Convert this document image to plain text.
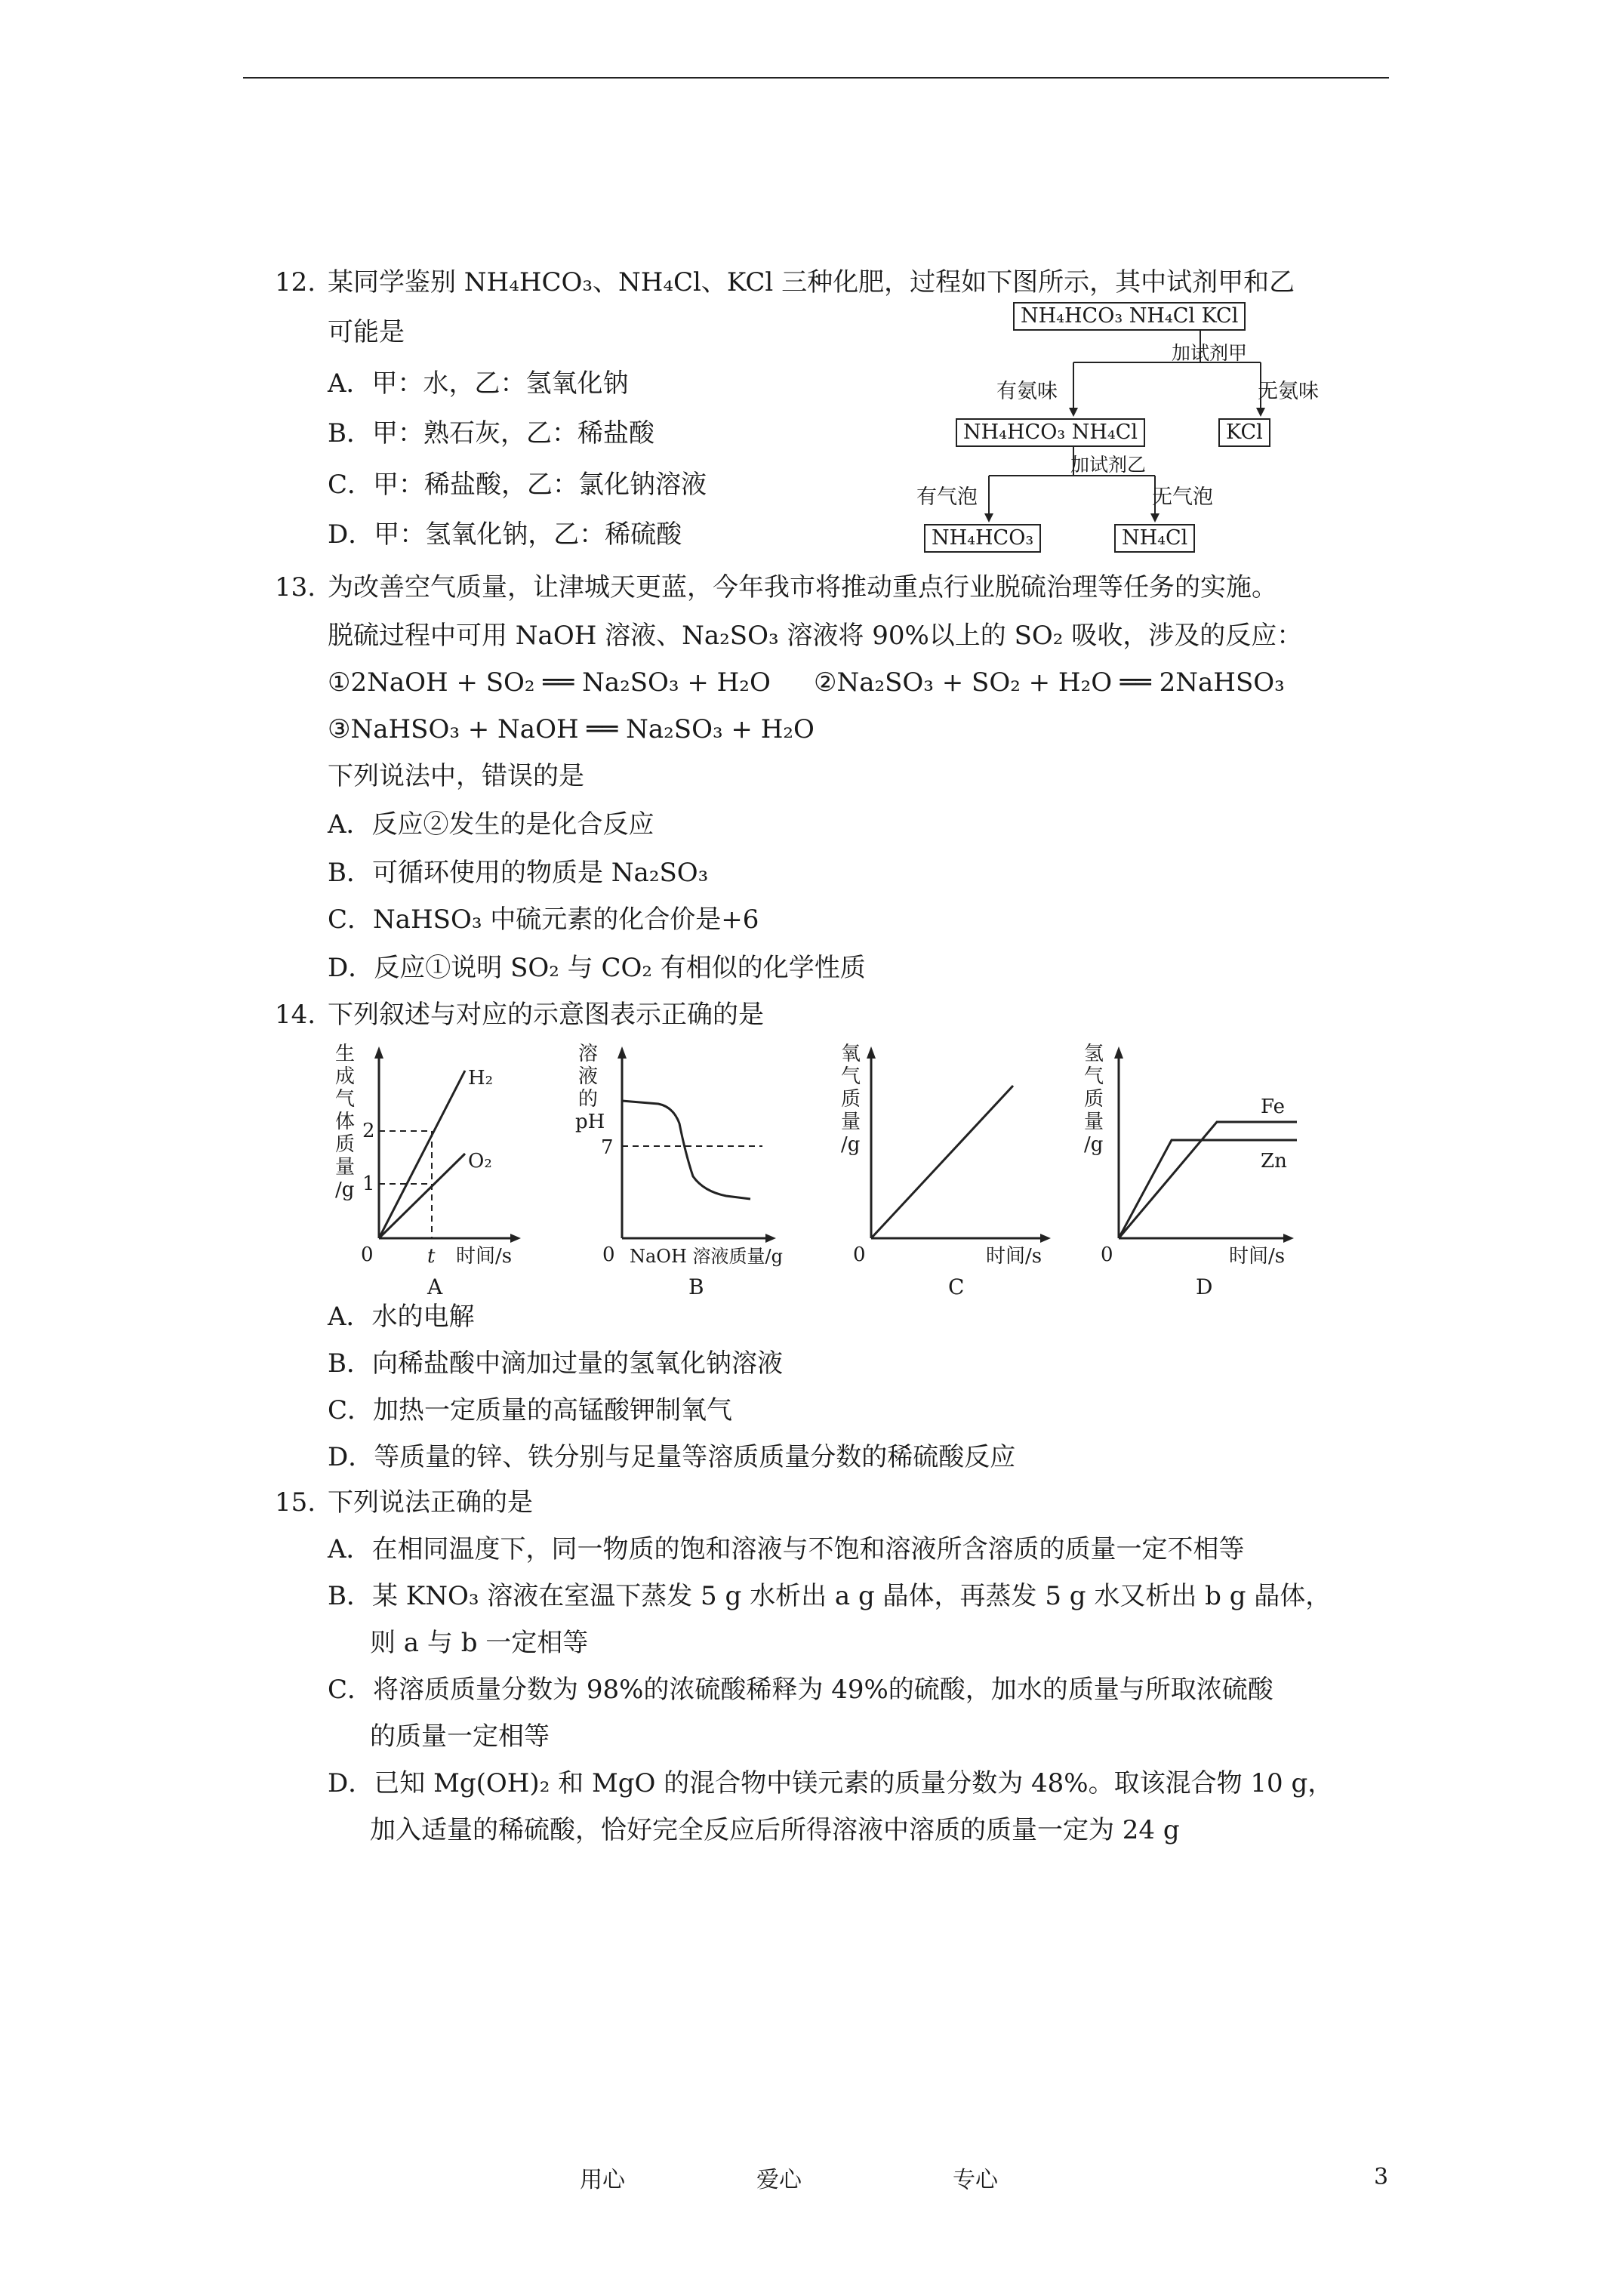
12. 某同学鉴别 NH₄HCO₃、NH₄Cl、KCl 三种化肥，过程如下图所示，其中试剂甲和乙
可能是
A．甲：水，乙：氢氧化钠
B．甲：熟石灰，乙：稀盐酸
C．甲：稀盐酸，乙：氯化钠溶液
D．甲：氢氧化钠，乙：稀硫酸
NH₄HCO₃ NH₄Cl KCl
加试剂甲
有氨味	无氨味
NH₄HCO₃ NH₄Cl	KCl
加试剂乙
有气泡	无气泡
NH₄HCO₃	NH₄Cl
13. 为改善空气质量，让津城天更蓝，今年我市将推动重点行业脱硫治理等任务的实施。
脱硫过程中可用 NaOH 溶液、Na₂SO₃ 溶液将 90%以上的 SO₂ 吸收，涉及的反应：
①2NaOH + SO₂ ══ Na₂SO₃ + H₂O ②Na₂SO₃ + SO₂ + H₂O ══ 2NaHSO₃
③NaHSO₃ + NaOH ══ Na₂SO₃ + H₂O
下列说法中，错误的是
A．反应②发生的是化合反应
B．可循环使用的物质是 Na₂SO₃
C．NaHSO₃ 中硫元素的化合价是+6
D．反应①说明 SO₂ 与 CO₂ 有相似的化学性质
14. 下列叙述与对应的示意图表示正确的是
生
成
气
体
质
量
/g
H₂
O₂
2
1
0	t 时间/s
A
溶
液
的
pH
7
0 NaOH 溶液质量/g
B
氧
气
质
量
/g
0	时间/s
C
氢
气
质
量
/g
Fe
Zn
0	时间/s
D
A．水的电解
B．向稀盐酸中滴加过量的氢氧化钠溶液
C．加热一定质量的高锰酸钾制氧气
D．等质量的锌、铁分别与足量等溶质质量分数的稀硫酸反应
15. 下列说法正确的是
A．在相同温度下，同一物质的饱和溶液与不饱和溶液所含溶质的质量一定不相等
B．某 KNO₃ 溶液在室温下蒸发 5 g 水析出 a g 晶体，再蒸发 5 g 水又析出 b g 晶体，
则 a 与 b 一定相等
C．将溶质质量分数为 98%的浓硫酸稀释为 49%的硫酸，加水的质量与所取浓硫酸
的质量一定相等
D．已知 Mg(OH)₂ 和 MgO 的混合物中镁元素的质量分数为 48%。取该混合物 10 g，
加入适量的稀硫酸，恰好完全反应后所得溶液中溶质的质量一定为 24 g
用心	爱心	专心	3
